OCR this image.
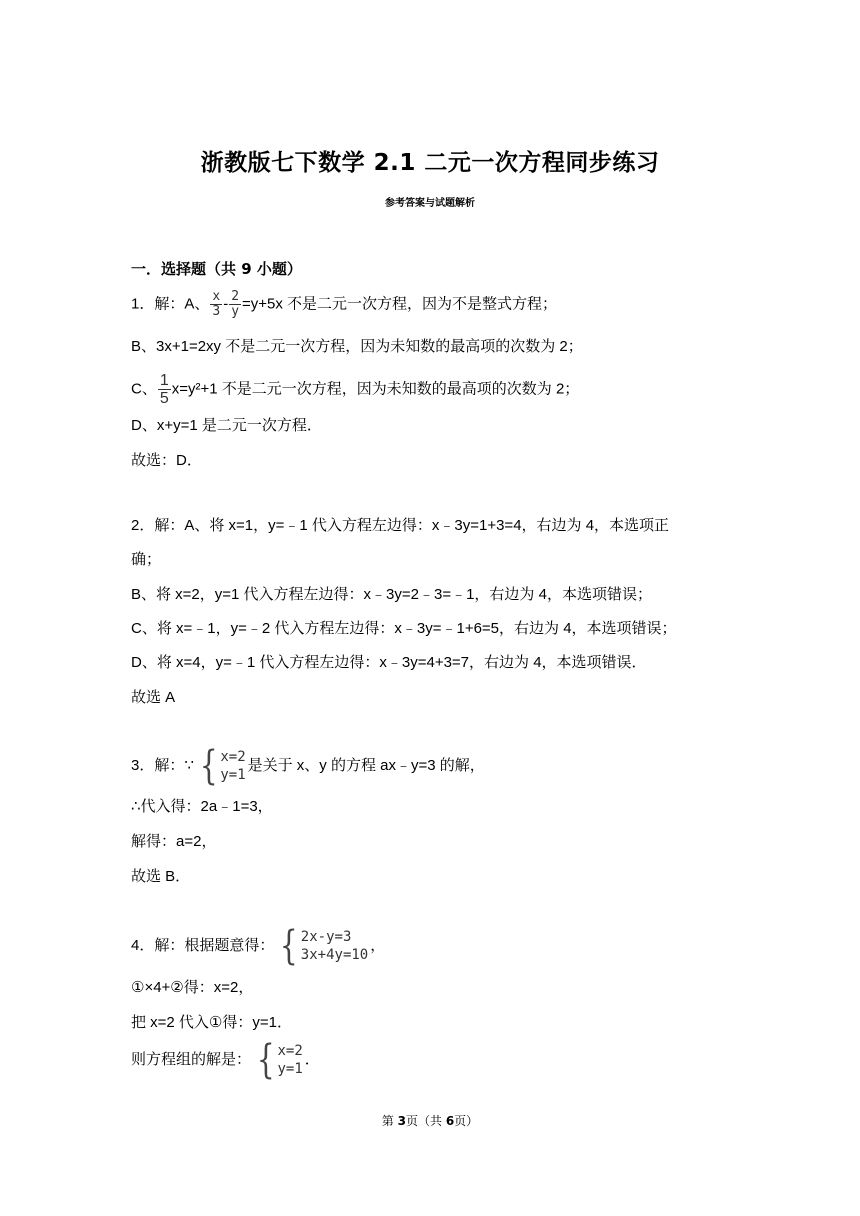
浙教版七下数学 2.1 二元一次方程同步练习
参考答案与试题解析
一．选择题（共 9 小题）
1．解：A、 $\frac{x}{3} - \frac{2}{y} =y+5x$ 不是二元一次方程，因为不是整式方程；
B、3x+1=2xy 不是二元一次方程，因为未知数的最高项的次数为 2；
C、 $\frac{1}{5} x=y^2+1$ 不是二元一次方程，因为未知数的最高项的次数为 2；
D、x+y=1 是二元一次方程．
故选：D．
2．解：A、将 x=1，y=﹣1 代入方程左边得：x﹣3y=1+3=4，右边为 4，本选项正
确；
B、将 x=2，y=1 代入方程左边得：x﹣3y=2﹣3=﹣1，右边为 4，本选项错误；
C、将 x=﹣1，y=﹣2 代入方程左边得：x﹣3y=﹣1+6=5，右边为 4，本选项错误；
D、将 x=4，y=﹣1 代入方程左边得：x﹣3y=4+3=7，右边为 4，本选项错误．
故选 A
3．解：∵ { x=2
y=1
是关于 x、y 的方程 ax﹣y=3 的解，
∴代入得：2a﹣1=3，
解得：a=2，
故选 B．
4．解：根据题意得： { 2x-y=3
3x+4y=10
，
①×4+②得：x=2，
把 x=2 代入①得：y=1．
则方程组的解是： { x=2
y=1
．
第 3页（共 6页）
